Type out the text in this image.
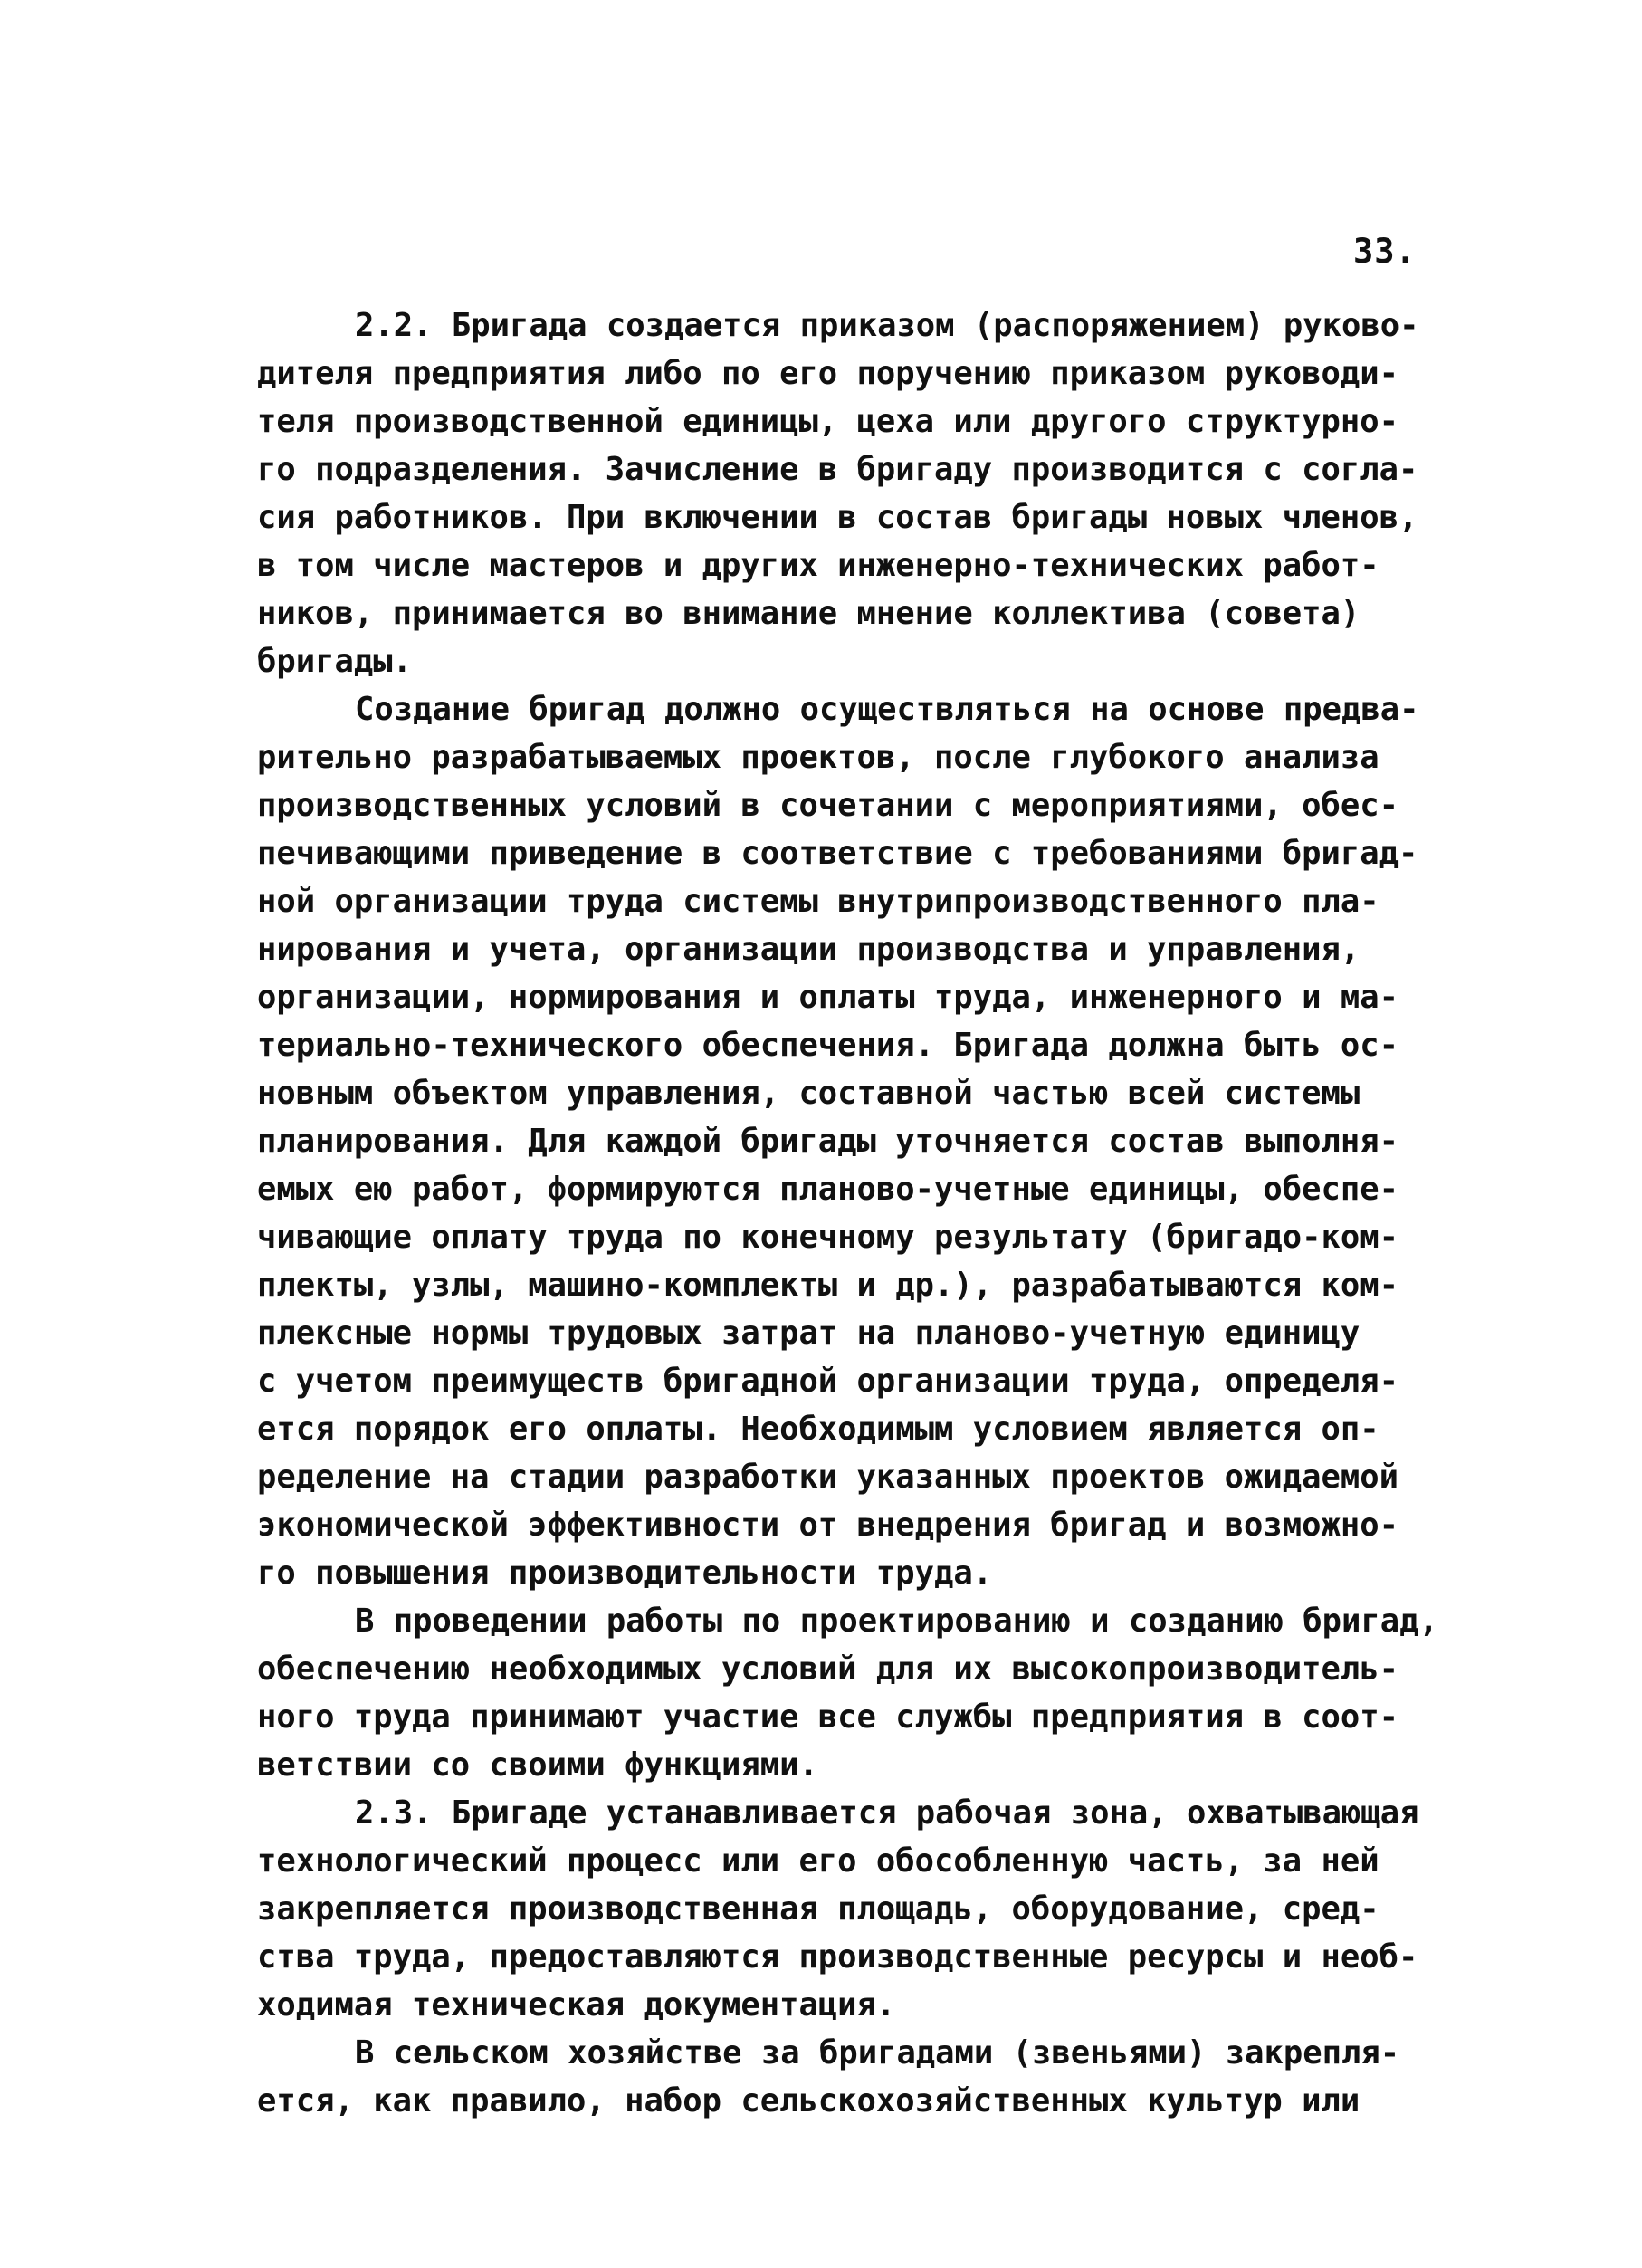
33.
2.2. Бригада создается приказом (распоряжением) руково-
дителя предприятия либо по его поручению приказом руководи-
теля производственной единицы, цеха или другого структурно-
го подразделения. Зачисление в бригаду производится с согла-
сия работников. При включении в состав бригады новых членов,
в том числе мастеров и других инженерно-технических работ-
ников, принимается во внимание мнение коллектива (совета)
бригады.
Создание бригад должно осуществляться на основе предва-
рительно разрабатываемых проектов, после глубокого анализа
производственных условий в сочетании с мероприятиями, обес-
печивающими приведение в соответствие с требованиями бригад-
ной организации труда системы внутрипроизводственного пла-
нирования и учета, организации производства и управления,
организации, нормирования и оплаты труда, инженерного и ма-
териально-технического обеспечения. Бригада должна быть ос-
новным объектом управления, составной частью всей системы
планирования. Для каждой бригады уточняется состав выполня-
емых ею работ, формируются планово-учетные единицы, обеспе-
чивающие оплату труда по конечному результату (бригадо-ком-
плекты, узлы, машино-комплекты и др.), разрабатываются ком-
плексные нормы трудовых затрат на планово-учетную единицу
с учетом преимуществ бригадной организации труда, определя-
ется порядок его оплаты. Необходимым условием является оп-
ределение на стадии разработки указанных проектов ожидаемой
экономической эффективности от внедрения бригад и возможно-
го повышения производительности труда.
В проведении работы по проектированию и созданию бригад,
обеспечению необходимых условий для их высокопроизводитель-
ного труда принимают участие все службы предприятия в соот-
ветствии со своими функциями.
2.3. Бригаде устанавливается рабочая зона, охватывающая
технологический процесс или его обособленную часть, за ней
закрепляется производственная площадь, оборудование, сред-
ства труда, предоставляются производственные ресурсы и необ-
ходимая техническая документация.
В сельском хозяйстве за бригадами (звеньями) закрепля-
ется, как правило, набор сельскохозяйственных культур или
